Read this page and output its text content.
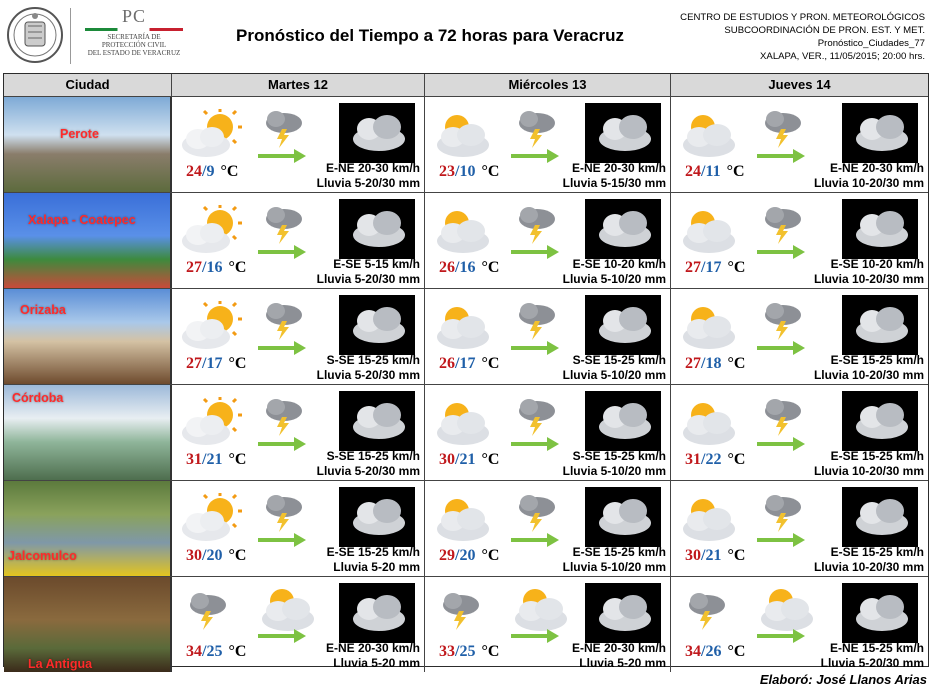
PC
SECRETARÍA DE
PROTECCIÓN CIVIL
DEL ESTADO DE VERACRUZ
Pronóstico del Tiempo a 72 horas para Veracruz
CENTRO DE ESTUDIOS Y PRON. METEOROLÓGICOS
SUBCOORDINACIÓN DE PRON. EST. Y MET.
Pronóstico_Ciudades_77
XALAPA, VER., 11/05/2015; 20:00 hrs.
Ciudad	Martes 12	Miércoles 13	Jueves 14
Perote
24/9 °C	E-NE 20-30 km/h
Lluvia 5-20/30 mm
23/10 °C	E-NE 20-30 km/h
Lluvia 5-15/30 mm
24/11 °C	E-NE 20-30 km/h
Lluvia 10-20/30 mm
Xalapa - Coatepec
27/16 °C	E-SE 5-15 km/h
Lluvia 5-20/30 mm
26/16 °C	E-SE 10-20 km/h
Lluvia 5-10/20 mm
27/17 °C	E-SE 10-20 km/h
Lluvia 10-20/30 mm
Orizaba
27/17 °C	S-SE 15-25 km/h
Lluvia 5-20/30 mm
26/17 °C	S-SE 15-25 km/h
Lluvia 5-10/20 mm
27/18 °C	E-SE 15-25 km/h
Lluvia 10-20/30 mm
Córdoba
31/21 °C	S-SE 15-25 km/h
Lluvia 5-20/30 mm
30/21 °C	S-SE 15-25 km/h
Lluvia 5-10/20 mm
31/22 °C	E-SE 15-25 km/h
Lluvia 10-20/30 mm
Jalcomulco	30/20 °C	E-SE 15-25 km/h
Lluvia 5-20 mm
29/20 °C	E-SE 15-25 km/h
Lluvia 5-10/20 mm
30/21 °C	E-SE 15-25 km/h
Lluvia 10-20/30 mm
La Antigua
34/25 °C	E-NE 20-30 km/h
Lluvia 5-20 mm
33/25 °C	E-NE 20-30 km/h
Lluvia 5-20 mm
34/26 °C	E-NE 15-25 km/h
Lluvia 5-20/30 mm
Elaboró: José Llanos Arias
